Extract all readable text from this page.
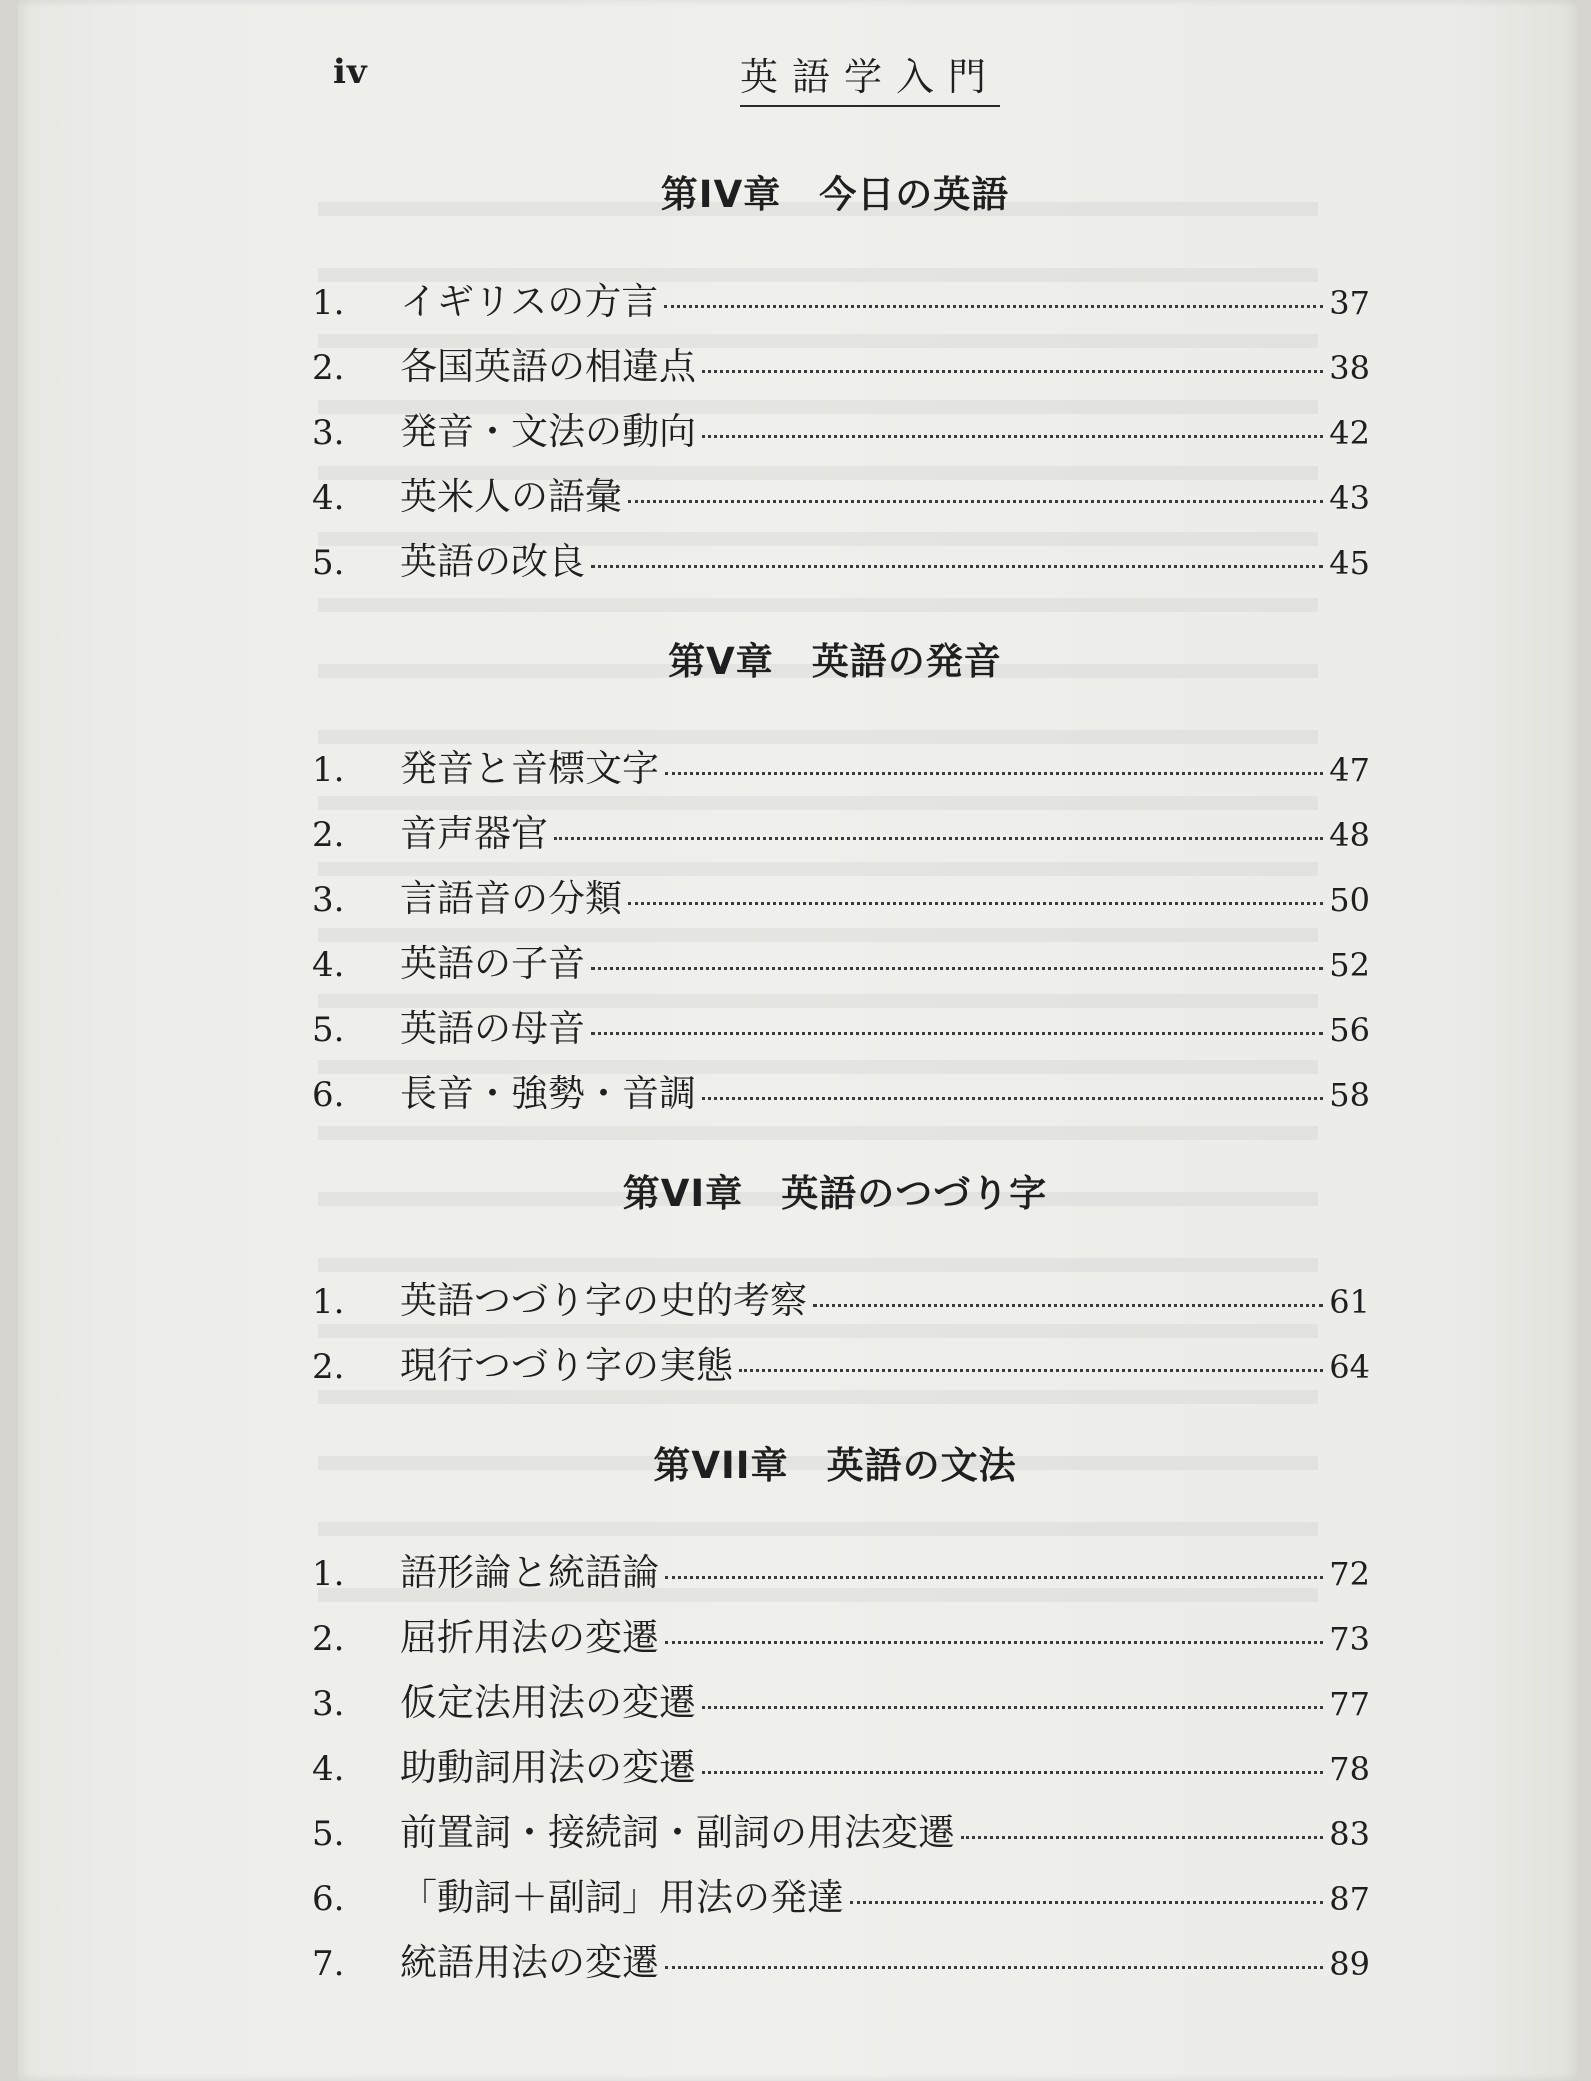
iv	英語学入門
第IV章　今日の英語
1.	イギリスの方言	37
2.	各国英語の相違点	38
3.	発音・文法の動向	42
4.	英米人の語彙	43
5.	英語の改良	45
第V章　英語の発音
1.	発音と音標文字	47
2.	音声器官	48
3.	言語音の分類	50
4.	英語の子音	52
5.	英語の母音	56
6.	長音・強勢・音調	58
第VI章　英語のつづり字
1.	英語つづり字の史的考察	61
2.	現行つづり字の実態	64
第VII章　英語の文法
1.	語形論と統語論	72
2.	屈折用法の変遷	73
3.	仮定法用法の変遷	77
4.	助動詞用法の変遷	78
5.	前置詞・接続詞・副詞の用法変遷	83
6.	「動詞＋副詞」用法の発達	87
7.	統語用法の変遷	89
